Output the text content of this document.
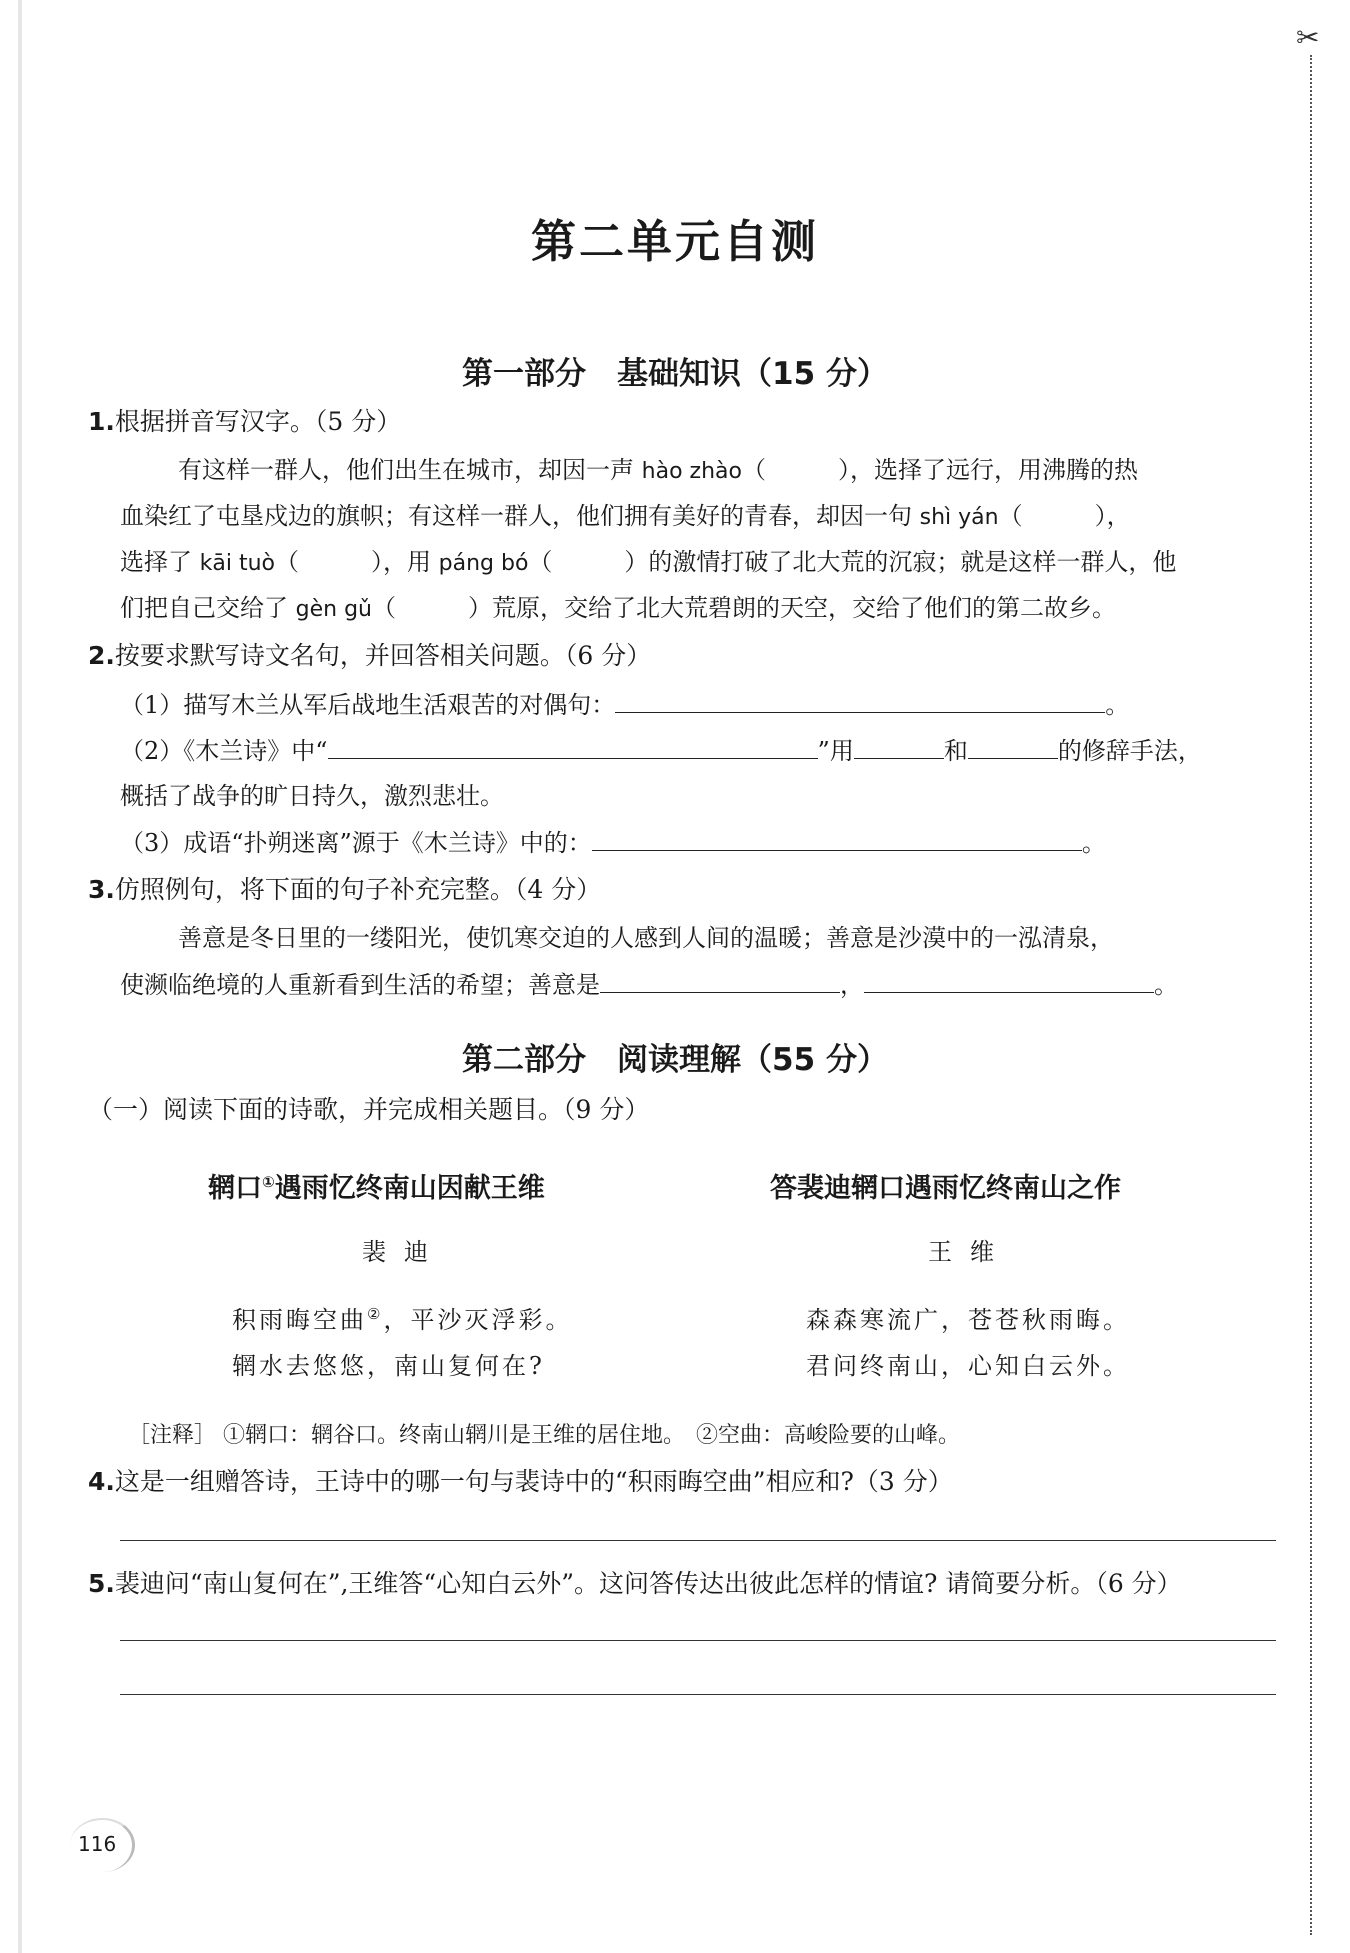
✂
第二单元自测
第一部分　基础知识（15 分）
1.根据拼音写汉字。（5 分）
有这样一群人，他们出生在城市，却因一声 hào zhào（　　　），选择了远行，用沸腾的热
血染红了屯垦戍边的旗帜；有这样一群人，他们拥有美好的青春，却因一句 shì yán（　　　），
选择了 kāi tuò（　　　），用 páng bó（　　　）的激情打破了北大荒的沉寂；就是这样一群人，他
们把自己交给了 gèn gǔ（　　　）荒原，交给了北大荒碧朗的天空，交给了他们的第二故乡。
2.按要求默写诗文名句，并回答相关问题。（6 分）
（1）描写木兰从军后战地生活艰苦的对偶句：	。
（2）《木兰诗》中“	”用	和	的修辞手法，
概括了战争的旷日持久，激烈悲壮。
（3）成语“扑朔迷离”源于《木兰诗》中的：	。
3.仿照例句，将下面的句子补充完整。（4 分）
善意是冬日里的一缕阳光，使饥寒交迫的人感到人间的温暖；善意是沙漠中的一泓清泉，
使濒临绝境的人重新看到生活的希望；善意是	，	。
第二部分　阅读理解（55 分）
（一）阅读下面的诗歌，并完成相关题目。（9 分）
辋口①遇雨忆终南山因献王维
裴迪
积雨晦空曲②，平沙灭浮彩。
辋水去悠悠，南山复何在?
答裴迪辋口遇雨忆终南山之作
王维
森森寒流广，苍苍秋雨晦。
君问终南山，心知白云外。
［注释］ ①辋口：辋谷口。终南山辋川是王维的居住地。　②空曲：高峻险要的山峰。
4.这是一组赠答诗，王诗中的哪一句与裴诗中的“积雨晦空曲”相应和?（3 分）
5.裴迪问“南山复何在”,王维答“心知白云外”。这问答传达出彼此怎样的情谊? 请简要分析。（6 分）
116
